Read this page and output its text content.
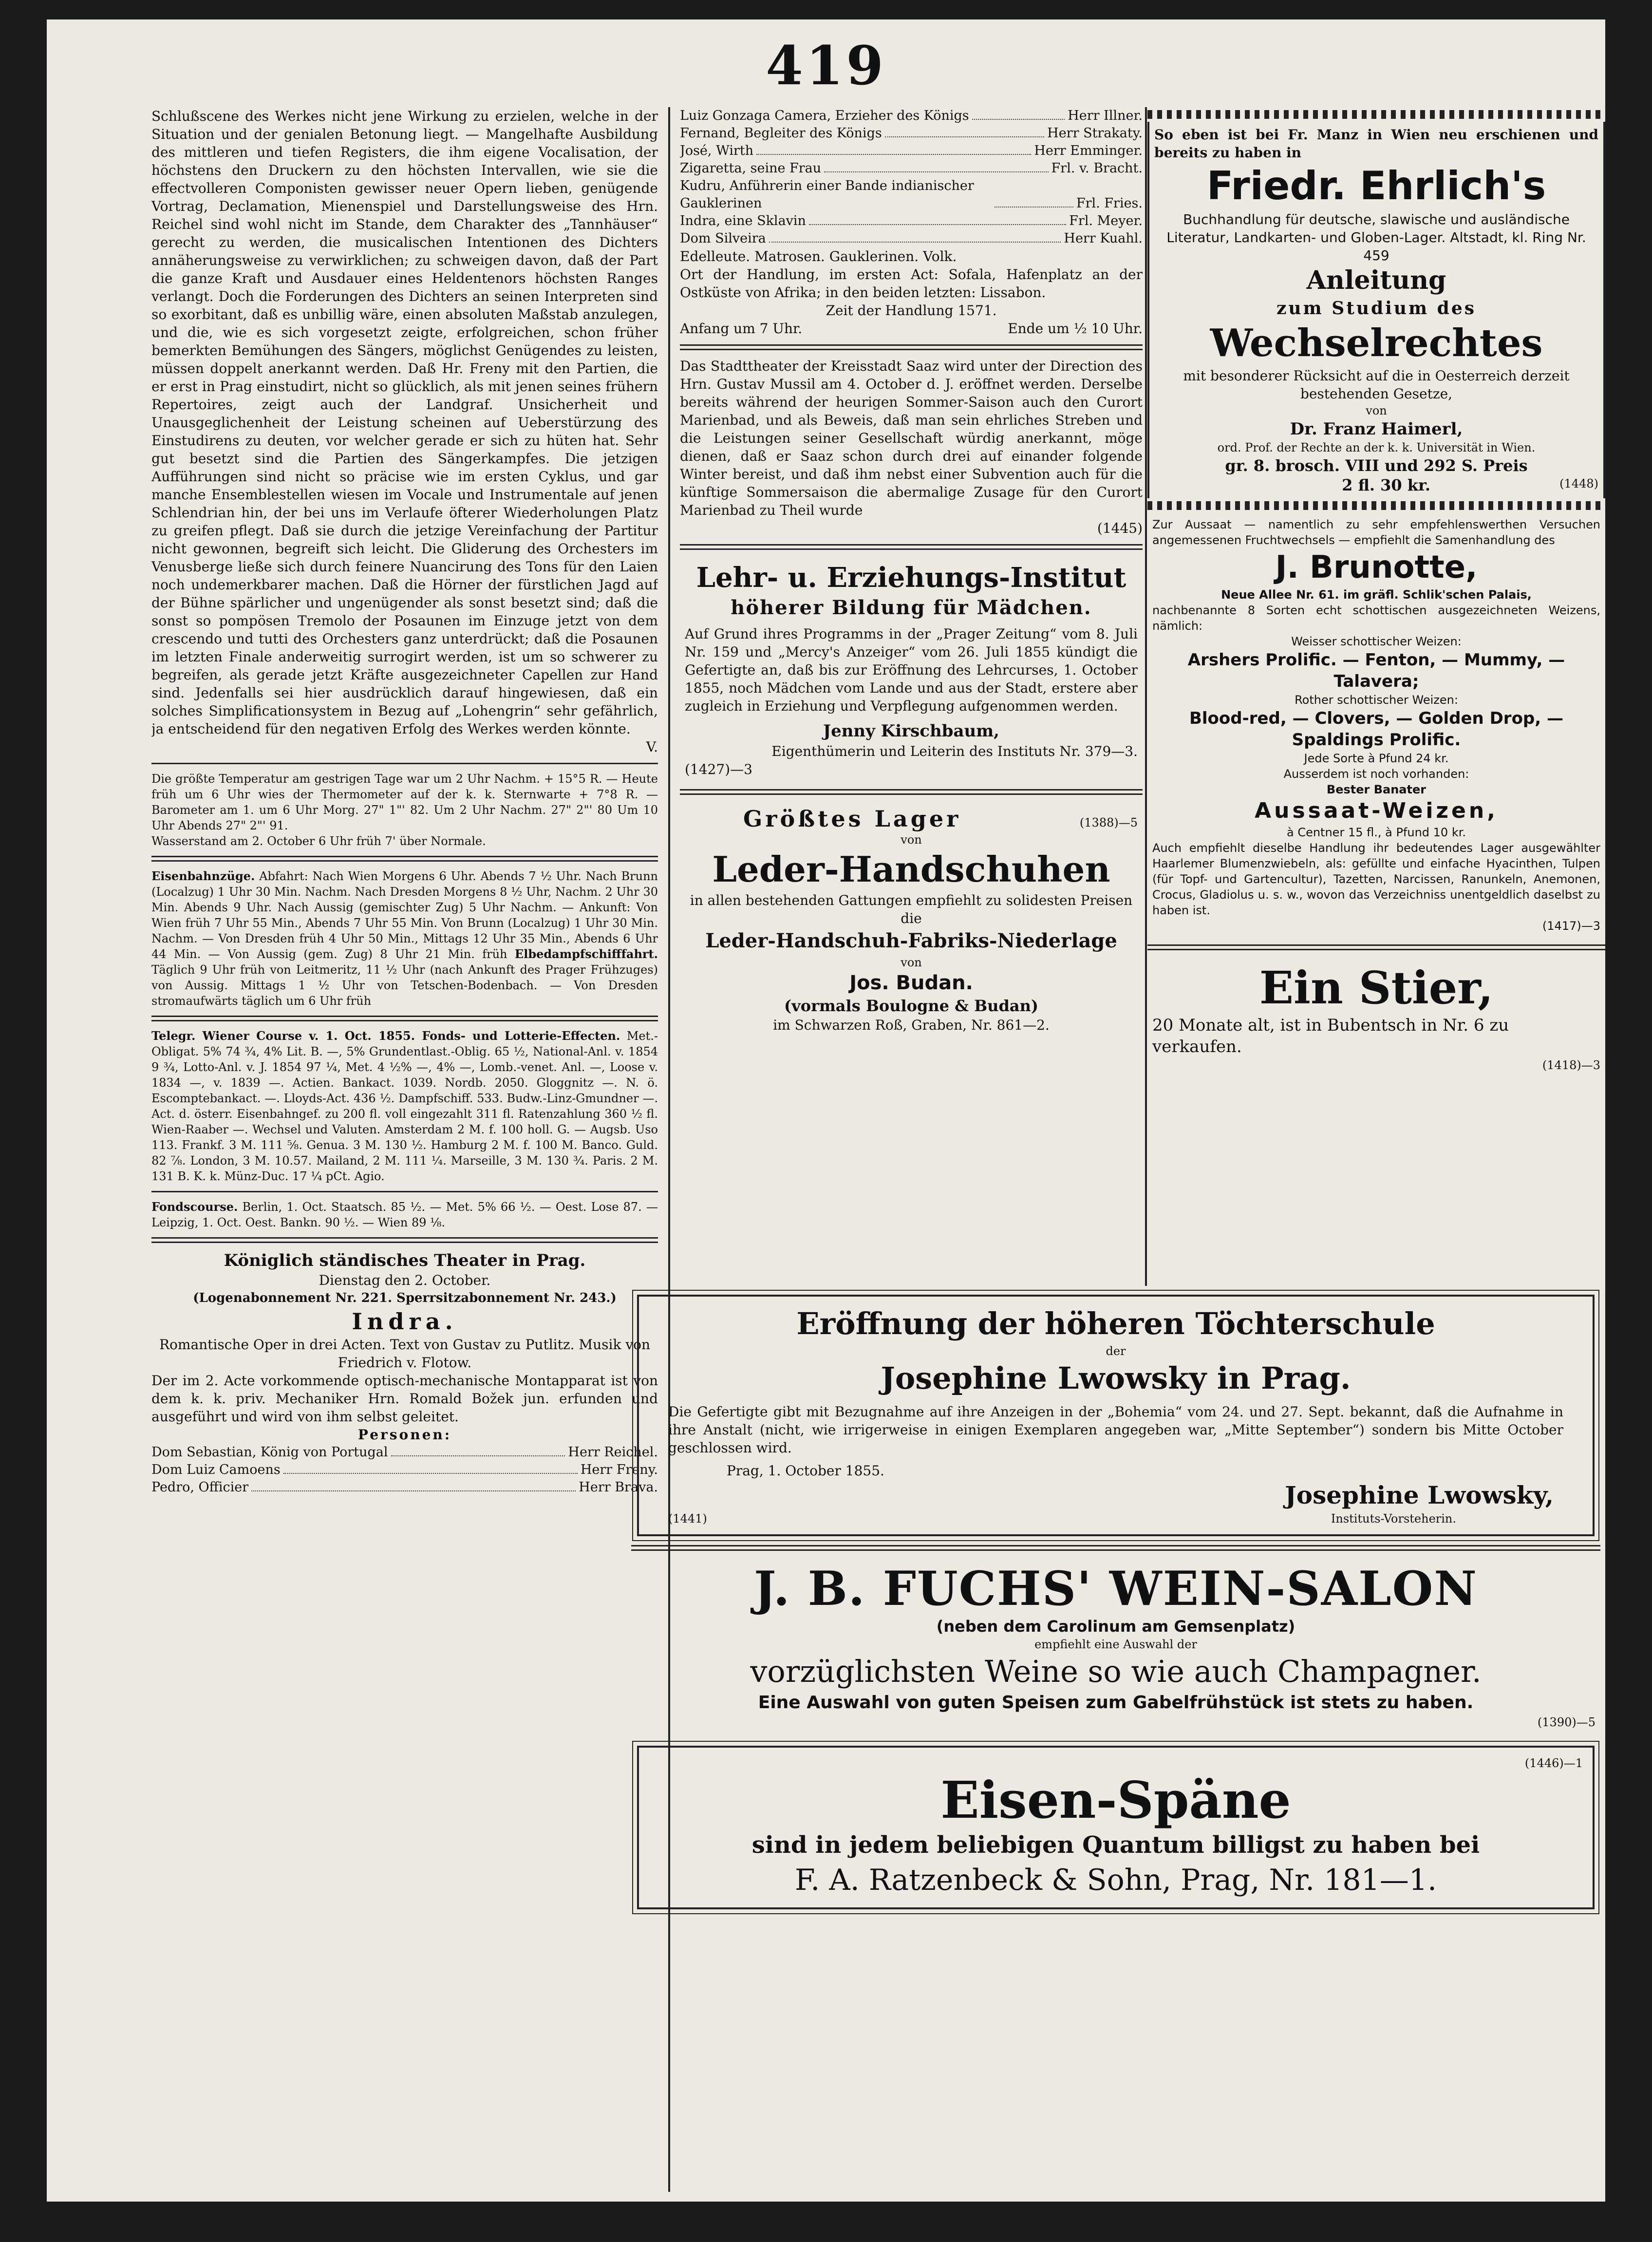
419

Schlußscene des Werkes nicht jene Wirkung zu erzielen, welche in der Situation und der genialen Betonung liegt. — Mangelhafte Ausbildung des mittleren und tiefen Registers, die ihm eigene Vocalisation, der höchstens den Druckern zu den höchsten Intervallen, wie sie die effectvolleren Componisten gewisser neuer Opern lieben, genügende Vortrag, Declamation, Mienenspiel und Darstellungsweise des Hrn. Reichel sind wohl nicht im Stande, dem Charakter des „Tannhäuser“ gerecht zu werden, die musicalischen Intentionen des Dichters annäherungsweise zu verwirklichen; zu schweigen davon, daß der Part die ganze Kraft und Ausdauer eines Heldentenors höchsten Ranges verlangt. Doch die Forderungen des Dichters an seinen Interpreten sind so exorbitant, daß es unbillig wäre, einen absoluten Maßstab anzulegen, und die, wie es sich vorgesetzt zeigte, erfolgreichen, schon früher bemerkten Bemühungen des Sängers, möglichst Genügendes zu leisten, müssen doppelt anerkannt werden. Daß Hr. Freny mit den Partien, die er erst in Prag einstudirt, nicht so glücklich, als mit jenen seines frühern Repertoires, zeigt auch der Landgraf. Unsicherheit und Unausgeglichenheit der Leistung scheinen auf Ueberstürzung des Einstudirens zu deuten, vor welcher gerade er sich zu hüten hat. Sehr gut besetzt sind die Partien des Sängerkampfes. Die jetzigen Aufführungen sind nicht so präcise wie im ersten Cyklus, und gar manche Ensemblestellen wiesen im Vocale und Instrumentale auf jenen Schlendrian hin, der bei uns im Verlaufe öfterer Wiederholungen Platz zu greifen pflegt. Daß sie durch die jetzige Vereinfachung der Partitur nicht gewonnen, begreift sich leicht. Die Gliderung des Orchesters im Venusberge ließe sich durch feinere Nuancirung des Tons für den Laien noch undemerkbarer machen. Daß die Hörner der fürstlichen Jagd auf der Bühne spärlicher und ungenügender als sonst besetzt sind; daß die sonst so pompösen Tremolo der Posaunen im Einzuge jetzt von dem crescendo und tutti des Orchesters ganz unterdrückt; daß die Posaunen im letzten Finale anderweitig surrogirt werden, ist um so schwerer zu begreifen, als gerade jetzt Kräfte ausgezeichneter Capellen zur Hand sind. Jedenfalls sei hier ausdrücklich darauf hingewiesen, daß ein solches Simplificationsystem in Bezug auf „Lohengrin“ sehr gefährlich, ja entscheidend für den negativen Erfolg des Werkes werden könnte.

V.

Die größte Temperatur am gestrigen Tage war um 2 Uhr Nachm. + 15°5 R. — Heute früh um 6 Uhr wies der Thermometer auf der k. k. Sternwarte + 7°8 R. — Barometer am 1. um 6 Uhr Morg. 27" 1"' 82. Um 2 Uhr Nachm. 27" 2"' 80 Um 10 Uhr Abends 27" 2"' 91.

Wasserstand am 2. October 6 Uhr früh 7' über Normale.

Eisenbahnzüge. Abfahrt: Nach Wien Morgens 6 Uhr. Abends 7 ½ Uhr. Nach Brunn (Localzug) 1 Uhr 30 Min. Nachm. Nach Dresden Morgens 8 ½ Uhr, Nachm. 2 Uhr 30 Min. Abends 9 Uhr. Nach Aussig (gemischter Zug) 5 Uhr Nachm. — Ankunft: Von Wien früh 7 Uhr 55 Min., Abends 7 Uhr 55 Min. Von Brunn (Localzug) 1 Uhr 30 Min. Nachm. — Von Dresden früh 4 Uhr 50 Min., Mittags 12 Uhr 35 Min., Abends 6 Uhr 44 Min. — Von Aussig (gem. Zug) 8 Uhr 21 Min. früh Elbedampfschifffahrt. Täglich 9 Uhr früh von Leitmeritz, 11 ½ Uhr (nach Ankunft des Prager Frühzuges) von Aussig. Mittags 1 ½ Uhr von Tetschen-Bodenbach. — Von Dresden stromaufwärts täglich um 6 Uhr früh

Telegr. Wiener Course v. 1. Oct. 1855. Fonds- und Lotterie-Effecten. Met.-Obligat. 5% 74 ¾, 4% Lit. B. —, 5% Grundentlast.-Oblig. 65 ½, National-Anl. v. 1854 9 ¾, Lotto-Anl. v. J. 1854 97 ¼, Met. 4 ½% —, 4% —, Lomb.-venet. Anl. —, Loose v. 1834 —, v. 1839 —. Actien. Bankact. 1039. Nordb. 2050. Gloggnitz —. N. ö. Escomptebankact. —. Lloyds-Act. 436 ½. Dampfschiff. 533. Budw.-Linz-Gmundner —. Act. d. österr. Eisenbahngef. zu 200 fl. voll eingezahlt 311 fl. Ratenzahlung 360 ½ fl. Wien-Raaber —. Wechsel und Valuten. Amsterdam 2 M. f. 100 holl. G. — Augsb. Uso 113. Frankf. 3 M. 111 ⅝. Genua. 3 M. 130 ½. Hamburg 2 M. f. 100 M. Banco. Guld. 82 ⅞. London, 3 M. 10.57. Mailand, 2 M. 111 ¼. Marseille, 3 M. 130 ¾. Paris. 2 M. 131 B. K. k. Münz-Duc. 17 ¼ pCt. Agio.

Fondscourse. Berlin, 1. Oct. Staatsch. 85 ½. — Met. 5% 66 ½. — Oest. Lose 87. — Leipzig, 1. Oct. Oest. Bankn. 90 ½. — Wien 89 ⅛.

Königlich ständisches Theater in Prag.

Dienstag den 2. October.

(Logenabonnement Nr. 221. Sperrsitzabonnement Nr. 243.)

Indra.

Romantische Oper in drei Acten. Text von Gustav zu Putlitz. Musik von Friedrich v. Flotow.

Der im 2. Acte vorkommende optisch-mechanische Montapparat ist von dem k. k. priv. Mechaniker Hrn. Romald Božek jun. erfunden und ausgeführt und wird von ihm selbst geleitet.

Personen:

Dom Sebastian, König von Portugal	Herr Reichel.
Dom Luiz Camoens	Herr Freny.
Pedro, Officier	Herr Brava.
Luiz Gonzaga Camera, Erzieher des Königs	Herr Illner.
Fernand, Begleiter des Königs	Herr Strakaty.
José, Wirth	Herr Emminger.
Zigaretta, seine Frau	Frl. v. Bracht.
Kudru, Anführerin einer Bande indianischer Gauklerinen	Frl. Fries.
Indra, eine Sklavin	Frl. Meyer.
Dom Silveira	Herr Kuahl.

Edelleute. Matrosen. Gauklerinen. Volk.

Ort der Handlung, im ersten Act: Sofala, Hafenplatz an der Ostküste von Afrika; in den beiden letzten: Lissabon.

Zeit der Handlung 1571.

Anfang um 7 Uhr.	Ende um ½ 10 Uhr.

Das Stadttheater der Kreisstadt Saaz wird unter der Direction des Hrn. Gustav Mussil am 4. October d. J. eröffnet werden. Derselbe bereits während der heurigen Sommer-Saison auch den Curort Marienbad, und als Beweis, daß man sein ehrliches Streben und die Leistungen seiner Gesellschaft würdig anerkannt, möge dienen, daß er Saaz schon durch drei auf einander folgende Winter bereist, und daß ihm nebst einer Subvention auch für die künftige Sommersaison die abermalige Zusage für den Curort Marienbad zu Theil wurde

(1445)

Lehr- u. Erziehungs-Institut

höherer Bildung für Mädchen.

Auf Grund ihres Programms in der „Prager Zeitung“ vom 8. Juli Nr. 159 und „Mercy's Anzeiger“ vom 26. Juli 1855 kündigt die Gefertigte an, daß bis zur Eröffnung des Lehrcurses, 1. October 1855, noch Mädchen vom Lande und aus der Stadt, erstere aber zugleich in Erziehung und Verpflegung aufgenommen werden.

Jenny Kirschbaum,

Eigenthümerin und Leiterin des Instituts Nr. 379—3.

(1427)—3

Größtes Lager	(1388)—5

von

Leder-Handschuhen

in allen bestehenden Gattungen empfiehlt zu solidesten Preisen die

Leder-Handschuh-Fabriks-Niederlage

von

Jos. Budan.

(vormals Boulogne & Budan)

im Schwarzen Roß, Graben, Nr. 861—2.

So eben ist bei Fr. Manz in Wien neu erschienen und bereits zu haben in

Friedr. Ehrlich's

Buchhandlung für deutsche, slawische und ausländische Literatur, Landkarten- und Globen-Lager. Altstadt, kl. Ring Nr. 459

Anleitung

zum Studium des

Wechselrechtes

mit besonderer Rücksicht auf die in Oesterreich derzeit bestehenden Gesetze,

von

Dr. Franz Haimerl,

ord. Prof. der Rechte an der k. k. Universität in Wien.

gr. 8. brosch. VIII und 292 S. Preis

2 fl. 30 kr.	(1448)

Zur Aussaat — namentlich zu sehr empfehlenswerthen Versuchen angemessenen Fruchtwechsels — empfiehlt die Samenhandlung des

J. Brunotte,

Neue Allee Nr. 61. im gräfl. Schlik'schen Palais,

nachbenannte 8 Sorten echt schottischen ausgezeichneten Weizens, nämlich:

Weisser schottischer Weizen:

Arshers Prolific. — Fenton, — Mummy, — Talavera;

Rother schottischer Weizen:

Blood-red, — Clovers, — Golden Drop, — Spaldings Prolific.

Jede Sorte à Pfund 24 kr.

Ausserdem ist noch vorhanden:

Bester Banater

Aussaat-Weizen,

à Centner 15 fl., à Pfund 10 kr.

Auch empfiehlt dieselbe Handlung ihr bedeutendes Lager ausgewählter Haarlemer Blumenzwiebeln, als: gefüllte und einfache Hyacinthen, Tulpen (für Topf- und Gartencultur), Tazetten, Narcissen, Ranunkeln, Anemonen, Crocus, Gladiolus u. s. w., wovon das Verzeichniss unentgeldlich daselbst zu haben ist.

(1417)—3

Ein Stier,

20 Monate alt, ist in Bubentsch in Nr. 6 zu verkaufen.

(1418)—3

Eröffnung der höheren Töchterschule

der

Josephine Lwowsky in Prag.

Die Gefertigte gibt mit Bezugnahme auf ihre Anzeigen in der „Bohemia“ vom 24. und 27. Sept. bekannt, daß die Aufnahme in ihre Anstalt (nicht, wie irrigerweise in einigen Exemplaren angegeben war, „Mitte September“) sondern bis Mitte October geschlossen wird.

Prag, 1. October 1855.

Josephine Lwowsky,

(1441)	Instituts-Vorsteherin.

J. B. FUCHS' WEIN-SALON

(neben dem Carolinum am Gemsenplatz)

empfiehlt eine Auswahl der

vorzüglichsten Weine so wie auch Champagner.

Eine Auswahl von guten Speisen zum Gabelfrühstück ist stets zu haben.

(1390)—5

(1446)—1

Eisen-Späne

sind in jedem beliebigen Quantum billigst zu haben bei

F. A. Ratzenbeck & Sohn, Prag, Nr. 181—1.
